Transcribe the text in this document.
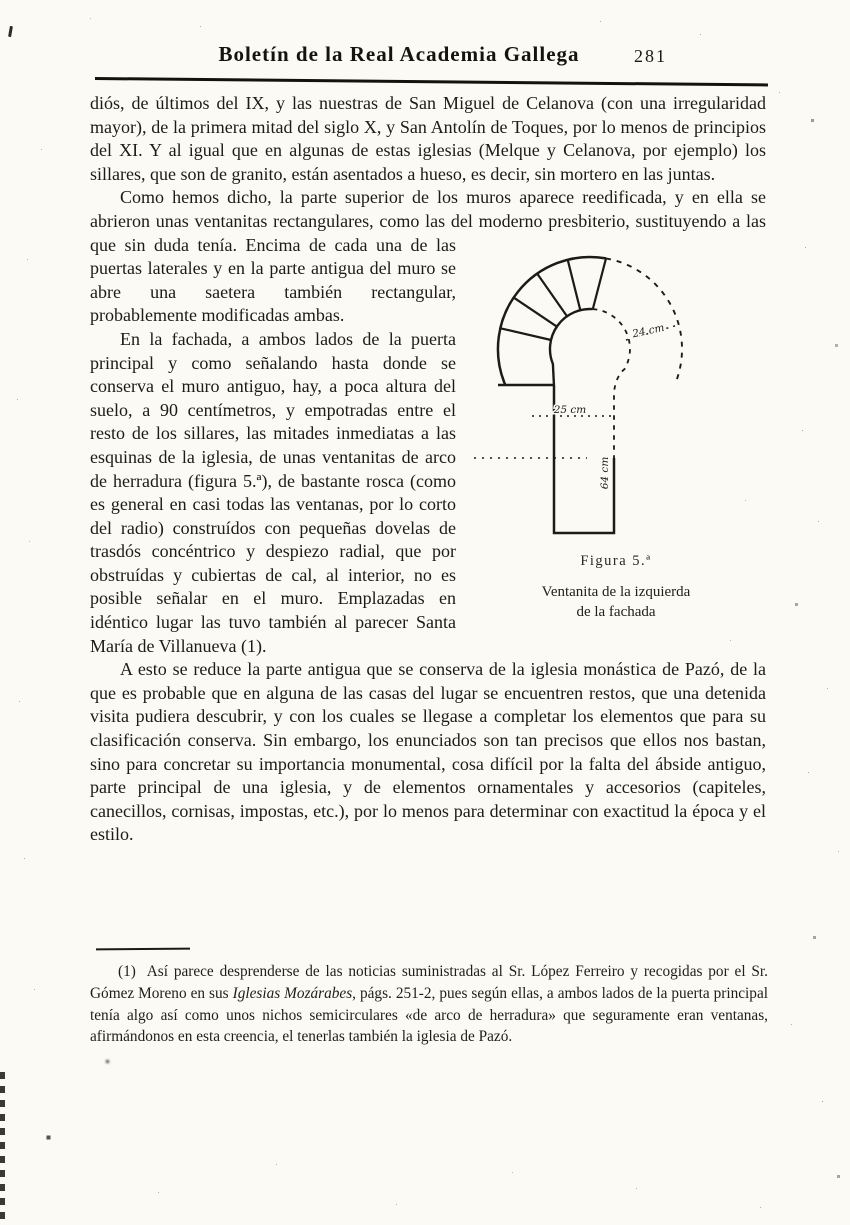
Boletín de la Real Academia Gallega	281

diós, de últimos del IX, y las nuestras de San Miguel de Celanova (con una irregularidad mayor), de la primera mitad del siglo X, y San Antolín de Toques, por lo menos de principios del XI. Y al igual que en algunas de estas iglesias (Melque y Celanova, por ejemplo) los sillares, que son de granito, están asentados a hueso, es decir, sin mortero en las juntas.

Como hemos dicho, la parte superior de los muros aparece reedificada, y en ella se abrieron unas ventanitas rectangulares, como las del moderno presbiterio, sustituyendo a las que sin duda tenía. Encima de
25 cm
24 cm
64 cm
Figura 5.ª
Ventanita de la izquierda
de la fachada
cada una de las puertas laterales y en la parte antigua del muro se abre una saetera también rectangular, probablemente modificadas ambas.

En la fachada, a ambos lados de la puerta principal y como señalando hasta donde se conserva el muro antiguo, hay, a poca altura del suelo, a 90 centímetros, y empotradas entre el resto de los sillares, las mitades inmediatas a las esquinas de la iglesia, de unas ventanitas de arco de herradura (figura 5.ª), de bastante rosca (como es general en casi todas las ventanas, por lo corto del radio) construídos con pequeñas dovelas de trasdós concéntrico y despiezo radial, que por obstruídas y cubiertas de cal, al interior, no es posible señalar en el muro. Emplazadas en idéntico lugar las tuvo también al parecer Santa María de Villanueva (1).

A esto se reduce la parte antigua que se conserva de la iglesia monástica de Pazó, de la que es probable que en alguna de las casas del lugar se encuentren restos, que una detenida visita pudiera descubrir, y con los cuales se llegase a completar los elementos que para su clasificación conserva. Sin embargo, los enunciados son tan precisos que ellos nos bastan, sino para concretar su importancia monumental, cosa difícil por la falta del ábside antiguo, parte principal de una iglesia, y de elementos ornamentales y accesorios (capiteles, canecillos, cornisas, impostas, etc.), por lo menos para determinar con exactitud la época y el estilo.

(1) Así parece desprenderse de las noticias suministradas al Sr. López Ferreiro y recogidas por el Sr. Gómez Moreno en sus Iglesias Mozárabes, págs. 251-2, pues según ellas, a ambos lados de la puerta principal tenía algo así como unos nichos semicirculares «de arco de herradura» que seguramente eran ventanas, afirmándonos en esta creencia, el tenerlas también la iglesia de Pazó.
